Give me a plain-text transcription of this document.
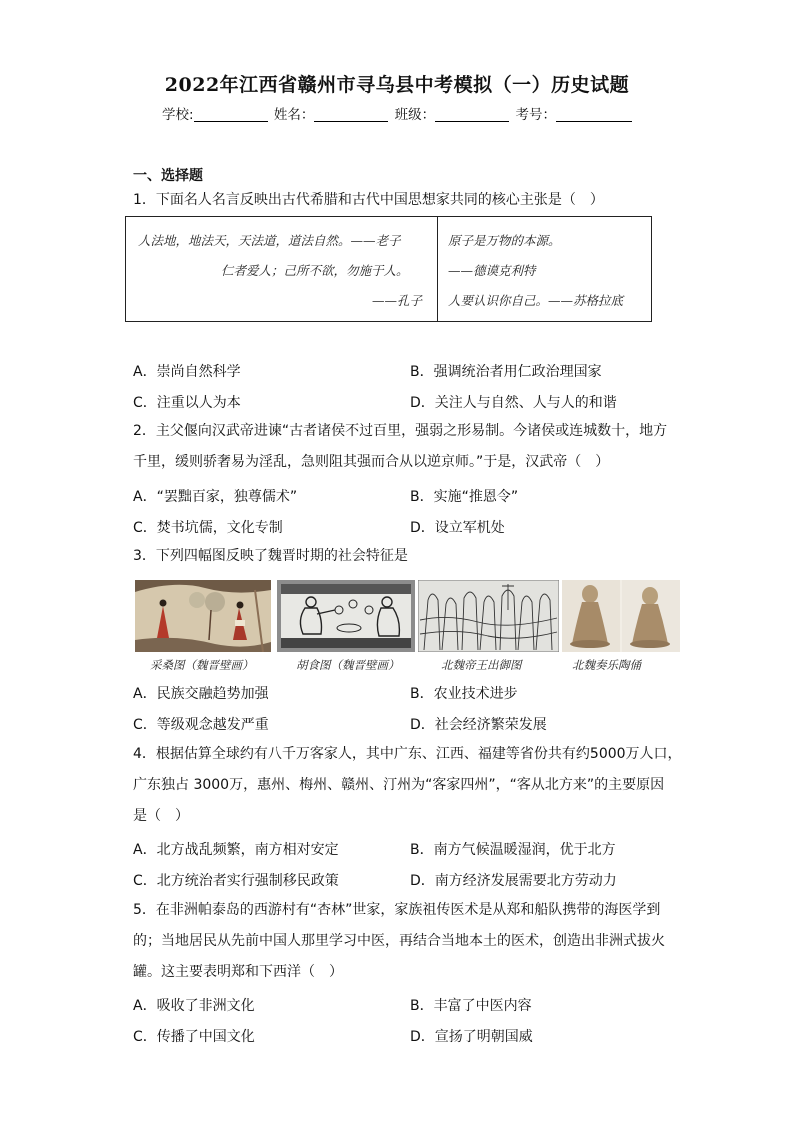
2022年江西省赣州市寻乌县中考模拟（一）历史试题
学校:	姓名：	班级：	考号：
一、选择题
1．下面名人名言反映出古代希腊和古代中国思想家共同的核心主张是（　）
人法地，地法天，天法道，道法自然。——老子
仁者爱人；己所不欲，勿施于人。
——孔子
原子是万物的本源。
——德谟克利特
人要认识你自己。——苏格拉底
A．崇尚自然科学	B．强调统治者用仁政治理国家
C．注重以人为本	D．关注人与自然、人与人的和谐
2．主父偃向汉武帝进谏“古者诸侯不过百里，强弱之形易制。今诸侯或连城数十，地方
千里，缓则骄奢易为淫乱，急则阻其强而合从以逆京师。”于是，汉武帝（　）
A．“罢黜百家，独尊儒术”	B．实施“推恩令”
C．焚书坑儒，文化专制	D．设立军机处
3．下列四幅图反映了魏晋时期的社会特征是
采桑图（魏晋壁画）	胡食图（魏晋壁画）	北魏帝王出御图	北魏奏乐陶俑
A．民族交融趋势加强	B．农业技术进步
C．等级观念越发严重	D．社会经济繁荣发展
4．根据估算全球约有八千万客家人，其中广东、江西、福建等省份共有约5000万人口，
广东独占 3000万，惠州、梅州、赣州、汀州为“客家四州”，“客从北方来”的主要原因
是（　）
A．北方战乱频繁，南方相对安定	B．南方气候温暖湿润，优于北方
C．北方统治者实行强制移民政策	D．南方经济发展需要北方劳动力
5．在非洲帕泰岛的西游村有“杏林”世家，家族祖传医术是从郑和船队携带的海医学到
的；当地居民从先前中国人那里学习中医，再结合当地本土的医术，创造出非洲式拔火
罐。这主要表明郑和下西洋（　）
A．吸收了非洲文化	B．丰富了中医内容
C．传播了中国文化	D．宣扬了明朝国威
